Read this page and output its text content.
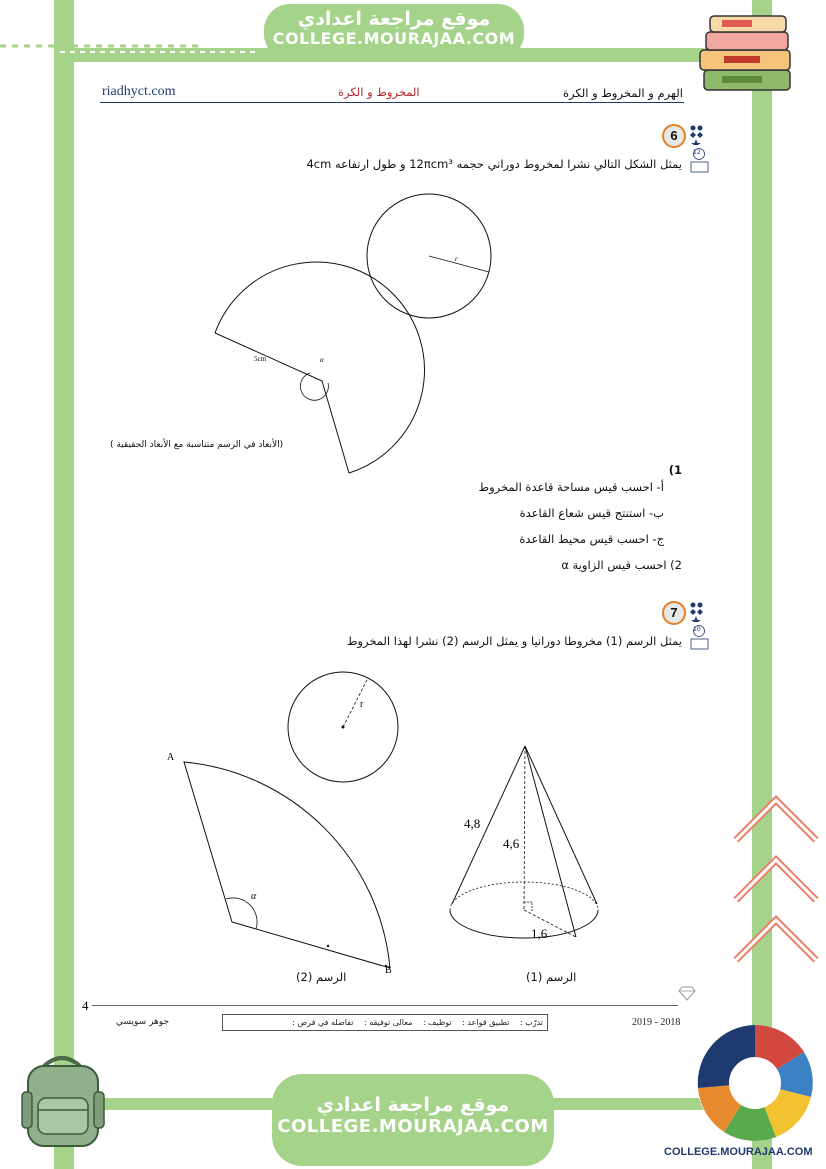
موقع مراجعة اعدادي
COLLEGE.MOURAJAA.COM
riadhyct.com	المخروط و الكرة	الهرم و المخروط و الكرة
6
12
يمثل الشكل التالي نشرا لمخروط دوراني حجمه 12πcm³ و طول ارتفاعه 4cm
r
5cm	α
(الأبعاد في الرسم متناسبة مع الأبعاد الحقيقية )
1)
أ- احسب قيس مساحة قاعدة المخروط
ب- استنتج قيس شعاع القاعدة
ج- احسب قيس محيط القاعدة
2) احسب قيس الزاوية α
7
10
يمثل الرسم (1) مخروطا دورانيا و يمثل الرسم (2) نشرا لهذا المخروط
r
A
B
α
4,8
4,6
1,6
الرسم (2)	الرسم (1)
4
جوهر سويسي	2019 - 2018
تدرّب : تطبيق قواعد : توظيف : معالى توفيقه : تفاضله في فرض :
موقع مراجعة اعدادي
COLLEGE.MOURAJAA.COM
COLLEGE.MOURAJAA.COM
